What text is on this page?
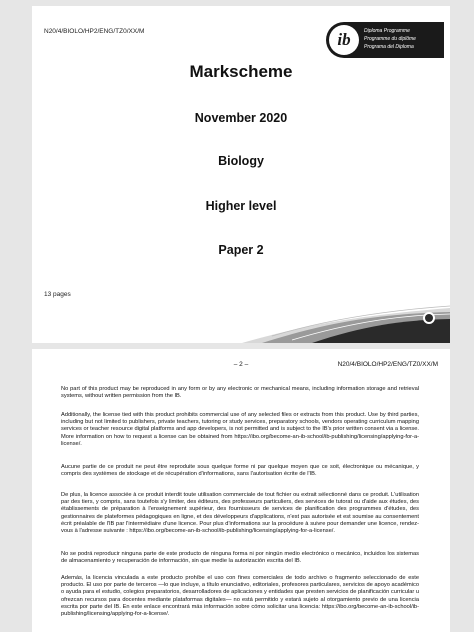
N20/4/BIOLO/HP2/ENG/TZ0/XX/M	ib	Diploma Programme
Programme du diplôme
Programa del Diploma
Markscheme
November 2020
Biology
Higher level
Paper 2
13 pages
– 2 –	N20/4/BIOLO/HP2/ENG/TZ0/XX/M

No part of this product may be reproduced in any form or by any electronic or mechanical means, including information storage and retrieval systems, without written permission from the IB.

Additionally, the license tied with this product prohibits commercial use of any selected files or extracts from this product. Use by third parties, including but not limited to publishers, private teachers, tutoring or study services, preparatory schools, vendors operating curriculum mapping services or teacher resource digital platforms and app developers, is not permitted and is subject to the IB's prior written consent via a license. More information on how to request a license can be obtained from https://ibo.org/become-an-ib-school/ib-publishing/licensing/applying-for-a-license/.

Aucune partie de ce produit ne peut être reproduite sous quelque forme ni par quelque moyen que ce soit, électronique ou mécanique, y compris des systèmes de stockage et de récupération d'informations, sans l'autorisation écrite de l'IB.

De plus, la licence associée à ce produit interdit toute utilisation commerciale de tout fichier ou extrait sélectionné dans ce produit. L'utilisation par des tiers, y compris, sans toutefois s'y limiter, des éditeurs, des professeurs particuliers, des services de tutorat ou d'aide aux études, des établissements de préparation à l'enseignement supérieur, des fournisseurs de services de planification des programmes d'études, des gestionnaires de plateformes pédagogiques en ligne, et des développeurs d'applications, n'est pas autorisée et est soumise au consentement écrit préalable de l'IB par l'intermédiaire d'une licence. Pour plus d'informations sur la procédure à suivre pour demander une licence, rendez-vous à l'adresse suivante : https://ibo.org/become-an-ib-school/ib-publishing/licensing/applying-for-a-license/.

No se podrá reproducir ninguna parte de este producto de ninguna forma ni por ningún medio electrónico o mecánico, incluidos los sistemas de almacenamiento y recuperación de información, sin que medie la autorización escrita del IB.

Además, la licencia vinculada a este producto prohíbe el uso con fines comerciales de todo archivo o fragmento seleccionado de este producto. El uso por parte de terceros —lo que incluye, a título enunciativo, editoriales, profesores particulares, servicios de apoyo académico o ayuda para el estudio, colegios preparatorios, desarrolladores de aplicaciones y entidades que presten servicios de planificación curricular u ofrezcan recursos para docentes mediante plataformas digitales— no está permitido y estará sujeto al otorgamiento previo de una licencia escrita por parte del IB. En este enlace encontrará más información sobre cómo solicitar una licencia: https://ibo.org/become-an-ib-school/ib-publishing/licensing/applying-for-a-license/.
